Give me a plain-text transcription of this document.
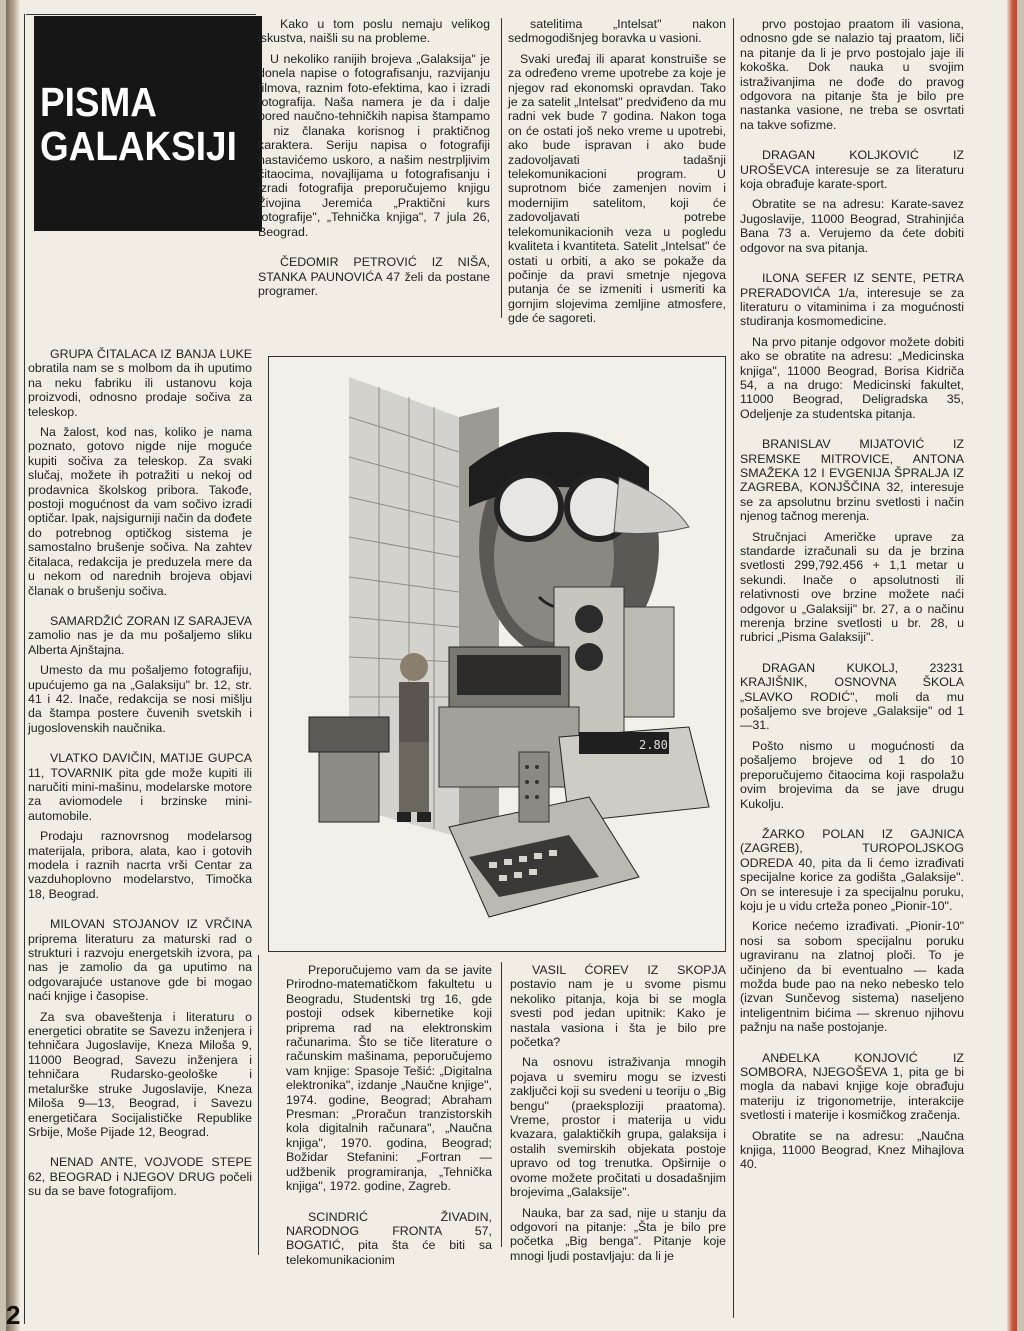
2
PISMA
GALAKSIJI

GRUPA ČITALACA IZ BANJA LUKE obratila nam se s molbom da ih uputimo na neku fabriku ili ustanovu koja proizvodi, odnosno prodaje sočiva za teleskop.

Na žalost, kod nas, koliko je nama poznato, gotovo nigde nije moguće kupiti sočiva za teleskop. Za svaki slučaj, možete ih potražiti u nekoj od prodavnica školskog pribora. Takođe, postoji mogućnost da vam sočivo izradi optičar. Ipak, najsigurniji način da dođete do potrebnog optičkog sistema je samostalno brušenje sočiva. Na zahtev čitalaca, redakcija je preduzela mere da u nekom od narednih brojeva objavi članak o brušenju sočiva.

SAMARDŽIĆ ZORAN IZ SARAJEVA zamolio nas je da mu pošaljemo sliku Alberta Ajnštajna.

Umesto da mu pošaljemo fotografiju, upućujemo ga na „Galaksiju" br. 12, str. 41 i 42. Inače, redakcija se nosi mišlju da štampa postere čuvenih svetskih i jugoslovenskih naučnika.

VLATKO DAVIČIN, MATIJE GUPCA 11, TOVARNIK pita gde može kupiti ili naručiti mini-mašinu, modelarske motore za aviomodele i brzinske mini-automobile.

Prodaju raznovrsnog modelarsog materijala, pribora, alata, kao i gotovih modela i raznih nacrta vrši Centar za vazduhoplovno modelarstvo, Timočka 18, Beograd.

MILOVAN STOJANOV IZ VRČINA pripremа literaturu za maturski rad o strukturi i razvoju energetskih izvora, pa nas je zamolio da ga uputimo na odgovarajuće ustanove gde bi mogao naći knjige i časopise.

Za sva obaveštenja i literaturu o energetici obratite se Savezu inženjera i tehničara Jugoslavije, Kneza Miloša 9, 11000 Beograd, Savezu inženjera i tehničara Rudarsko-geološke i metalurške struke Jugoslavije, Kneza Miloša 9—13, Beograd, i Savezu energetičara Socijalističke Republike Srbije, Moše Pijade 12, Beograd.

NENAD ANTE, VOJVODE STEPE 62, BEOGRAD i NJEGOV DRUG počeli su da se bave fotografijom.

Kako u tom poslu nemaju velikog iskustva, naišli su na probleme.

U nekoliko ranijih brojeva „Galaksija" je donela napise o fotografisanju, razvijanju filmova, raznim foto-efektima, kao i izradi fotografija. Naša namera je da i dalje pored naučno-tehničkih napisa štampamo i niz članaka korisnog i praktičnog karaktera. Seriju napisa o fotografiji nastavićemo uskoro, a našim nestrpljivim čitaocima, novajlijama u fotografisanju i izradi fotografija preporučujemo knjigu Živojina Jeremića „Praktični kurs fotografije", „Tehnička knjiga", 7 jula 26, Beograd.

ČEDOMIR PETROVIĆ IZ NIŠA, STANKA PAUNOVIĆA 47 želi da postane programer.

satelitima „Intelsat" nakon sedmogodišnjeg boravka u vasioni.

Svaki uređaj ili aparat konstruiše se za određeno vreme upotrebe za koje je njegov rad ekonomski opravdan. Tako je za satelit „Intelsat" predviđeno da mu radni vek bude 7 godina. Nakon toga on će ostati još neko vreme u upotrebi, ako bude ispravan i ako bude zadovoljavati tadašnji telekomunikacioni program. U suprotnom biće zamenjen novim i modernijim satelitom, koji će zadovoljavati potrebe telekomunikacionih veza u pogledu kvaliteta i kvantiteta. Satelit „Intelsat" će ostati u orbiti, a ako se pokaže da počinje da pravi smetnje njegova putanja će se izmeniti i usmeriti ka gornjim slojevima zemljine atmosfere, gde će sagoreti.

Preporučujemo vam da se javite Prirodno-matematičkom fakultetu u Beogradu, Studentski trg 16, gde postoji odsek kibernetike koji priprema rad na elektronskim računarima. Što se tiče literature o računskim mašinama, peporučujemo vam knjige: Spasoje Tešić: „Digitalna elektronika", izdanje „Naučne knjige", 1974. godine, Beograd; Abraham Presman: „Proračun tranzistorskih kola digitalnih računara", „Naučna knjiga", 1970. godina, Beograd; Božidar Stefanini: „Fortran — udžbenik programiranja, „Tehnička knjiga", 1972. godine, Zagreb.

SCINDRIĆ ŽIVADIN, NARODNOG FRONTA 57, BOGATIĆ, pita šta će biti sa telekomunikacionim

VASIL ĆOREV IZ SKOPJA postavio nam je u svome pismu nekoliko pitanja, koja bi se mogla svesti pod jedan upitnik: Kako je nastala vasiona i šta je bilo pre početka?

Na osnovu istraživanja mnogih pojava u svemiru mogu se izvesti zaključci koji su svedeni u teoriju o „Big bengu" (praeksploziji praatoma). Vreme, prostor i materija u vidu kvazara, galaktičkih grupa, galaksija i ostalih svemirskih objekata postoje upravo od tog trenutka. Opširnije o ovome možete pročitati u dosadašnjim brojevima „Galaksije".

Nauka, bar za sad, nije u stanju da odgovori na pitanje: „Šta je bilo pre početka „Big benga". Pitanje koje mnogi ljudi postavljaju: da li je

prvo postojao praatom ili vasiona, odnosno gde se nalazio taj praatom, liči na pitanje da li je prvo postojalo jaje ili kokoška. Dok nauka u svojim istraživanjima ne dođe do pravog odgovora na pitanje šta je bilo pre nastanka vasione, ne treba se osvrtati na takve sofizme.

DRAGAN KOLJKOVIĆ IZ UROŠEVCA interesuje se za literaturu koja obrađuje karate-sport.

Obratite se na adresu: Karate-savez Jugoslavije, 11000 Beograd, Strahinjića Bana 73 a. Verujemo da ćete dobiti odgovor na sva pitanja.

ILONA SEFER IZ SENTE, PETRA PRERADOVIĆA 1/a, interesuje se za literaturu o vitaminima i za mogućnosti studiranja kosmomedicine.

Na prvo pitanje odgovor možete dobiti ako se obratite na adresu: „Medicinska knjiga", 11000 Beograd, Borisa Kidriča 54, a na drugo: Medicinski fakultet, 11000 Beograd, Deligradska 35, Odeljenje za studentska pitanja.

BRANISLAV MIJATOVIĆ IZ SREMSKE MITROVICE, ANTONA SMAŽEKA 12 I EVGENIJA ŠPRALJA IZ ZAGREBA, KONJŠČINA 32, interesuje se za apsolutnu brzinu svetlosti i način njenog tačnog merenja.

Stručnjaci Američke uprave za standarde izračunali su da je brzina svetlosti 299,792.456 + 1,1 metar u sekundi. Inače o apsolutnosti ili relativnosti ove brzine možete naći odgovor u „Galaksiji" br. 27, a o načinu merenja brzine svetlosti u br. 28, u rubrici „Pisma Galaksiji".

DRAGAN KUKOLJ, 23231 KRAJIŠNIK, OSNOVNA ŠKOLA „SLAVKO RODIĆ", moli da mu pošaljemo sve brojeve „Galaksije" od 1—31.

Pošto nismo u mogućnosti da pošaljemo brojeve od 1 do 10 preporučujemo čitaocima koji raspolažu ovim brojevima da se jave drugu Kukolju.

ŽARKO POLAN IZ GAJNICA (ZAGREB), TUROPOLJSKOG ODREDA 40, pita da li ćemo izrađivati specijalne korice za godišta „Galaksije". On se interesuje i za specijalnu poruku, koju je u vidu crteža poneo „Pionir-10".

Korice nećemo izrađivati. „Pionir-10" nosi sa sobom specijalnu poruku ugraviranu na zlatnoj ploči. To je učinjeno da bi eventualno — kada možda bude pao na neko nebesko telo (izvan Sunčevog sistema) naseljeno inteligentnim bićima — skrenuo njihovu pažnju na naše postojanje.

ANĐELKA KONJOVIĆ IZ SOMBORA, NJEGOŠEVA 1, pita ge bi mogla da nabavi knjige koje obrađuju materiju iz trigonometrije, interakcije svetlosti i materije i kosmičkog zračenja.

Obratite se na adresu: „Naučna knjiga, 11000 Beograd, Knez Mihajlova 40.

2.80
